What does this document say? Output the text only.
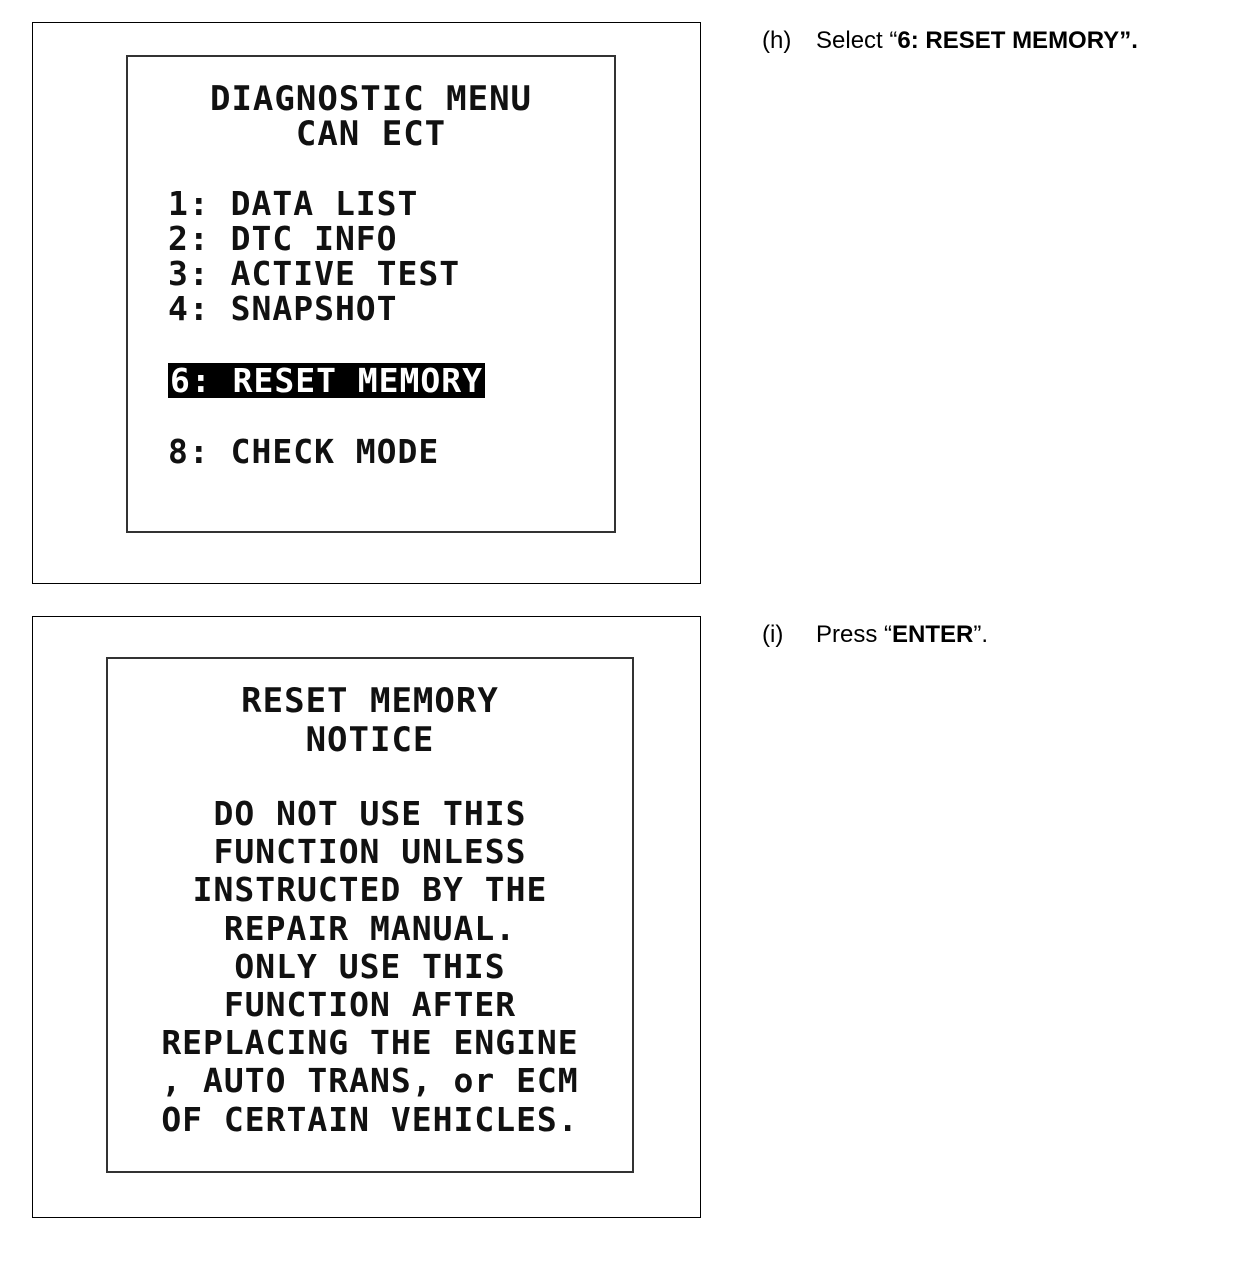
DIAGNOSTIC MENU
CAN ECT
1: DATA LIST
2: DTC INFO
3: ACTIVE TEST
4: SNAPSHOT
6: RESET MEMORY
8: CHECK MODE
(h) Select “6: RESET MEMORY”.
RESET MEMORY
NOTICE
DO NOT USE THIS
FUNCTION UNLESS
INSTRUCTED BY THE
REPAIR MANUAL.
ONLY USE THIS
FUNCTION AFTER
REPLACING THE ENGINE
, AUTO TRANS, or ECM
OF CERTAIN VEHICLES.
(i) Press “ENTER”.
